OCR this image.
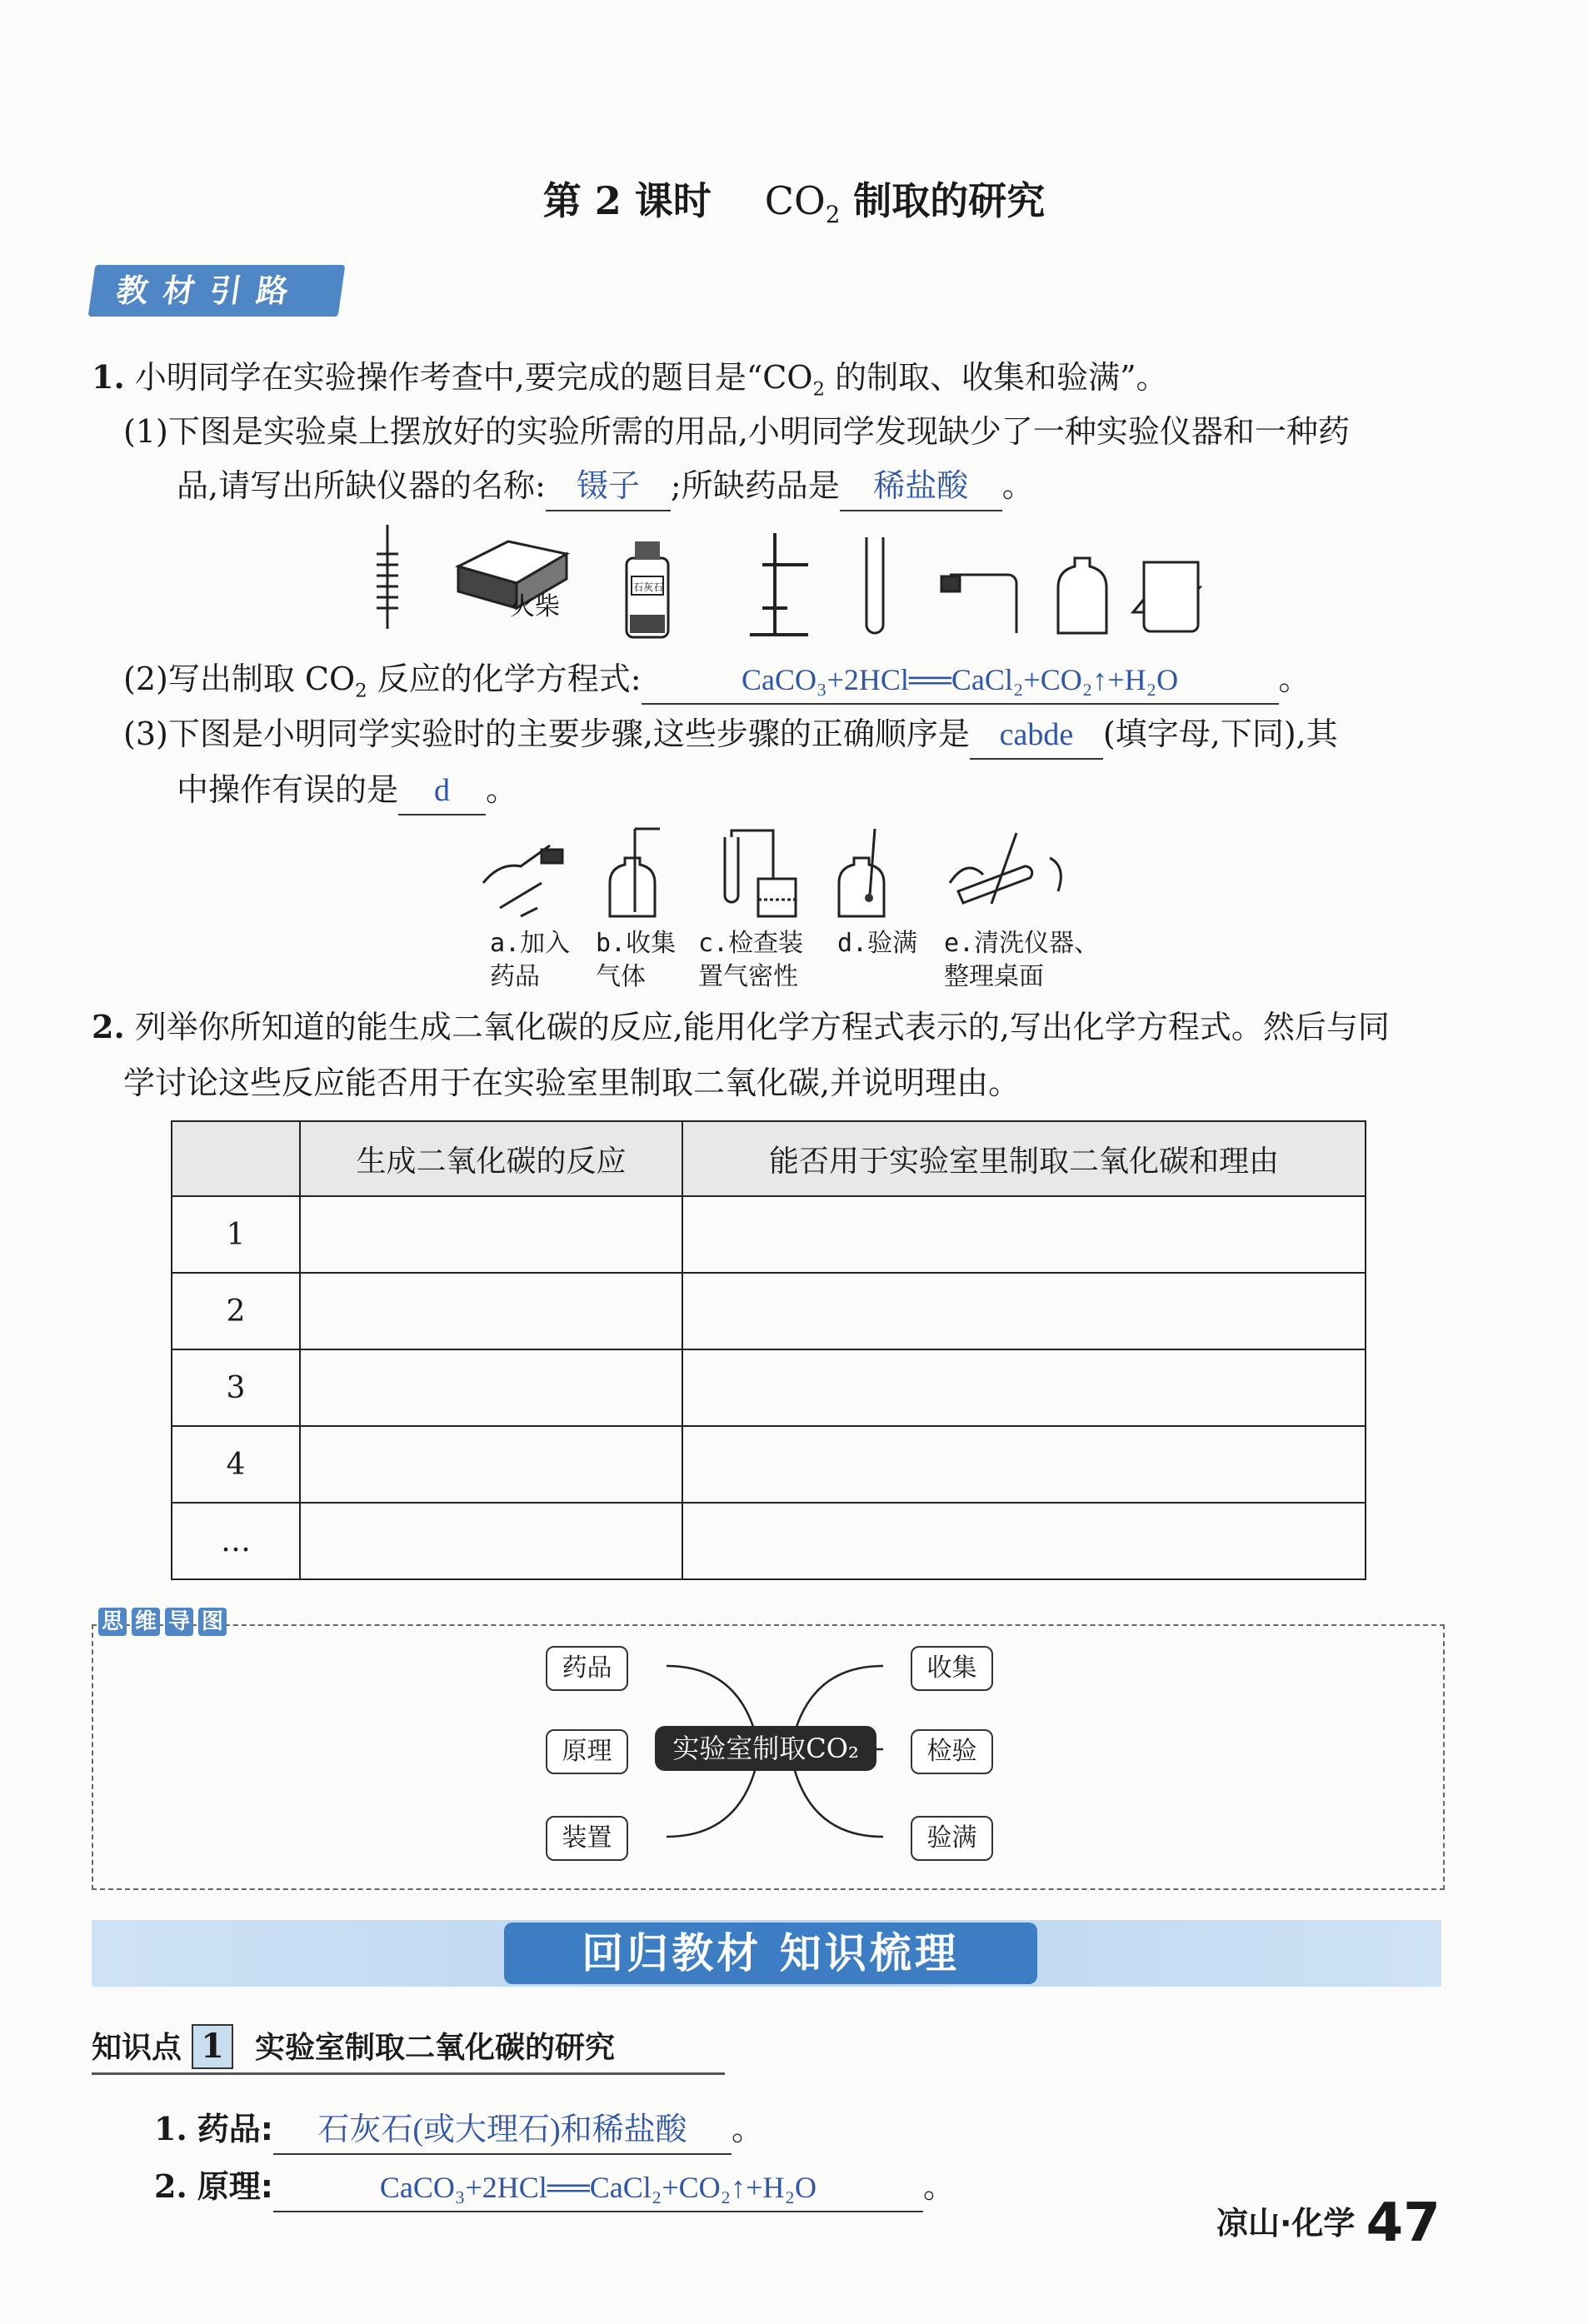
第 2 课时 $CO_2$ 制取的研究
教材引路
1. 小明同学在实验操作考查中,要完成的题目是“$CO_2$ 的制取、收集和验满”。
(1)下图是实验桌上摆放好的实验所需的用品,小明同学发现缺少了一种实验仪器和一种药
品,请写出所缺仪器的名称: 镊子 ;所缺药品是 稀盐酸 。
火柴
石灰石
(2)写出制取 $CO_2$ 反应的化学方程式:	CaCO₃+2HCl══CaCl₂+CO₂↑+H₂O	。
(3)下图是小明同学实验时的主要步骤,这些步骤的正确顺序是 cabde (填字母,下同),其
中操作有误的是 d 。
a.加入
药品
b.收集
气体
c.检查装
置气密性
d.验满 e.清洗仪器、
整理桌面
2. 列举你所知道的能生成二氧化碳的反应,能用化学方程式表示的,写出化学方程式。然后与同
学讨论这些反应能否用于在实验室里制取二氧化碳,并说明理由。
	生成二氧化碳的反应	能否用于实验室里制取二氧化碳和理由
1		
2		
3		
4		
…		
思 维 导 图
药品
原理
装置
收集
检验
验满
实验室制取CO₂
回归教材 知识梳理
知识点 1 实验室制取二氧化碳的研究
1. 药品: 石灰石(或大理石)和稀盐酸 。
2. 原理:	CaCO₃+2HCl══CaCl₂+CO₂↑+H₂O	。
凉山·化学 47
